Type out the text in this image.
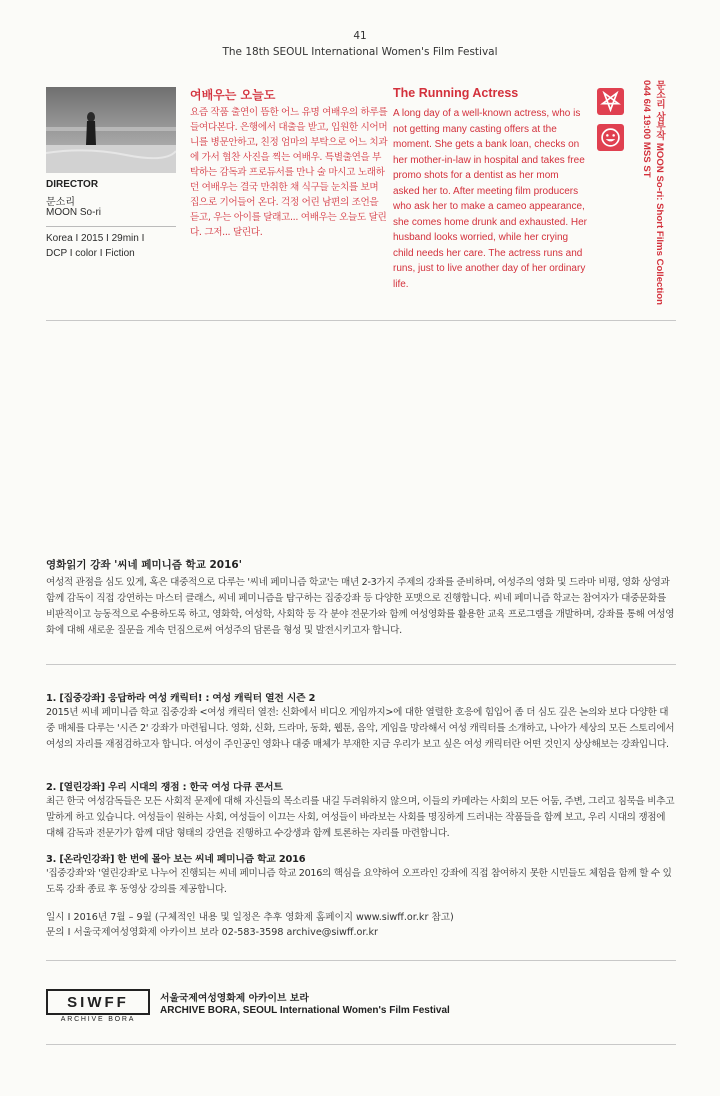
41
The 18th SEOUL International Women's Film Festival
DIRECTOR
문소리
MOON So-ri
Korea I 2015 I 29min I
DCP I color I Fiction
여배우는 오늘도
요즘 작품 출연이 뜸한 어느 유명 여배우의 하루를 들여다본다. 은행에서 대출을 받고, 입원한 시어머니를 병문안하고, 친정 엄마의 부탁으로 어느 치과에 가서 협찬 사진을 찍는 여배우. 특별출연을 부탁하는 감독과 프로듀서를 만나 술 마시고 노래하던 여배우는 결국 만취한 채 식구들 눈치를 보며 집으로 기어들어 온다. 걱정 어린 남편의 조언을 듣고, 우는 아이를 달래고... 여배우는 오늘도 달린다. 그저... 달린다.
The Running Actress
A long day of a well-known actress, who is not getting many casting offers at the moment. She gets a bank loan, checks on her mother-in-law in hospital and takes free promo shots for a dentist as her mom asked her to. After meeting film producers who ask her to make a cameo appearance, she comes home drunk and exhausted. Her husband looks worried, while her crying child needs her care. The actress runs and runs, just to live another day of her ordinary life.	문소리 삼부작 MOON So-ri: Short Films Collection
044 6/4 19:00 MSS ST
영화읽기 강좌 '씨네 페미니즘 학교 2016'
여성적 관점을 심도 있게, 혹은 대중적으로 다루는 '씨네 페미니즘 학교'는 매년 2-3가지 주제의 강좌를 준비하며, 여성주의 영화 및 드라마 비평, 영화 상영과 함께 감독이 직접 강연하는 마스터 클래스, 씨네 페미니즘을 탐구하는 집중강좌 등 다양한 포맷으로 진행합니다. 씨네 페미니즘 학교는 참여자가 대중문화를 비판적이고 능동적으로 수용하도록 하고, 영화학, 여성학, 사회학 등 각 분야 전문가와 함께 여성영화를 활용한 교육 프로그램을 개발하며, 강좌를 통해 여성영화에 대해 새로운 질문을 계속 던짐으로써 여성주의 담론을 형성 및 발전시키고자 합니다.
1. [집중강좌] 응답하라 여성 캐릭터! : 여성 캐릭터 열전 시즌 2
2015년 씨네 페미니즘 학교 집중강좌 <여성 캐릭터 열전: 신화에서 비디오 게임까지>에 대한 열렬한 호응에 힘입어 좀 더 심도 깊은 논의와 보다 다양한 대중 매체를 다루는 '시즌 2' 강좌가 마련됩니다. 영화, 신화, 드라마, 동화, 웹툰, 음악, 게임을 망라해서 여성 캐릭터를 소개하고, 나아가 세상의 모든 스토리에서 여성의 자리를 재점검하고자 합니다. 여성이 주인공인 영화나 대중 매체가 부재한 지금 우리가 보고 싶은 여성 캐릭터란 어떤 것인지 상상해보는 강좌입니다.
2. [열린강좌] 우리 시대의 쟁점 : 한국 여성 다큐 콘서트
최근 한국 여성감독들은 모든 사회적 문제에 대해 자신들의 목소리를 내길 두려워하지 않으며, 이들의 카메라는 사회의 모든 어둠, 주변, 그리고 침묵을 비추고 말하게 하고 있습니다. 여성들이 원하는 사회, 여성들이 이끄는 사회, 여성들이 바라보는 사회를 명징하게 드러내는 작품들을 함께 보고, 우리 시대의 쟁점에 대해 감독과 전문가가 함께 대담 형태의 강연을 진행하고 수강생과 함께 토론하는 자리를 마련합니다.
3. [온라인강좌] 한 번에 몰아 보는 씨네 페미니즘 학교 2016
'집중강좌'와 '열린강좌'로 나누어 진행되는 씨네 페미니즘 학교 2016의 핵심을 요약하여 오프라인 강좌에 직접 참여하지 못한 시민들도 체험을 함께 할 수 있도록 강좌 종료 후 동영상 강의를 제공합니다.
일시 I 2016년 7월 – 9월 (구체적인 내용 및 일정은 추후 영화제 홈페이지 www.siwff.or.kr 참고)
문의 I 서울국제여성영화제 아카이브 보라 02-583-3598 archive@siwff.or.kr
SIWFF
ARCHIVE BORA
서울국제여성영화제 아카이브 보라
ARCHIVE BORA, SEOUL International Women's Film Festival
